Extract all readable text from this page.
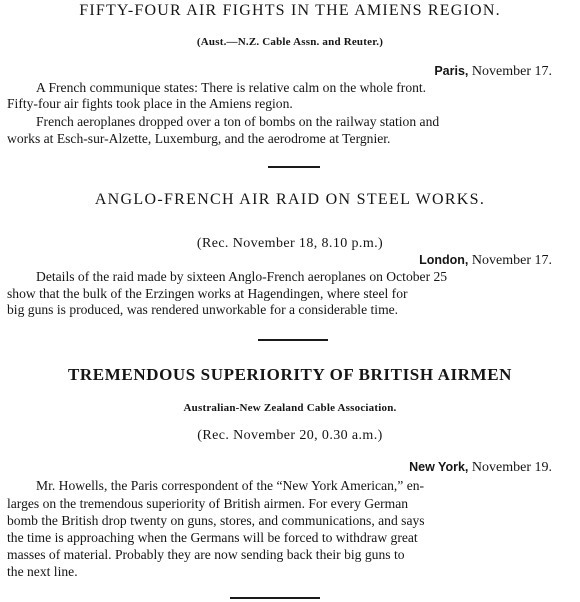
FIFTY-FOUR AIR FIGHTS IN THE AMIENS REGION.
(Aust.—N.Z. Cable Assn. and Reuter.)
Paris, November 17.
A French communique states: There is relative calm on the whole front.
Fifty-four air fights took place in the Amiens region.
French aeroplanes dropped over a ton of bombs on the railway station and
works at Esch-sur-Alzette, Luxemburg, and the aerodrome at Tergnier.
ANGLO-FRENCH AIR RAID ON STEEL WORKS.
(Rec. November 18, 8.10 p.m.)
London, November 17.
Details of the raid made by sixteen Anglo-French aeroplanes on October 25
show that the bulk of the Erzingen works at Hagendingen, where steel for
big guns is produced, was rendered unworkable for a considerable time.
TREMENDOUS SUPERIORITY OF BRITISH AIRMEN
Australian-New Zealand Cable Association.
(Rec. November 20, 0.30 a.m.)
New York, November 19.
Mr. Howells, the Paris correspondent of the “New York American,” en-
larges on the tremendous superiority of British airmen. For every German
bomb the British drop twenty on guns, stores, and communications, and says
the time is approaching when the Germans will be forced to withdraw great
masses of material. Probably they are now sending back their big guns to
the next line.
